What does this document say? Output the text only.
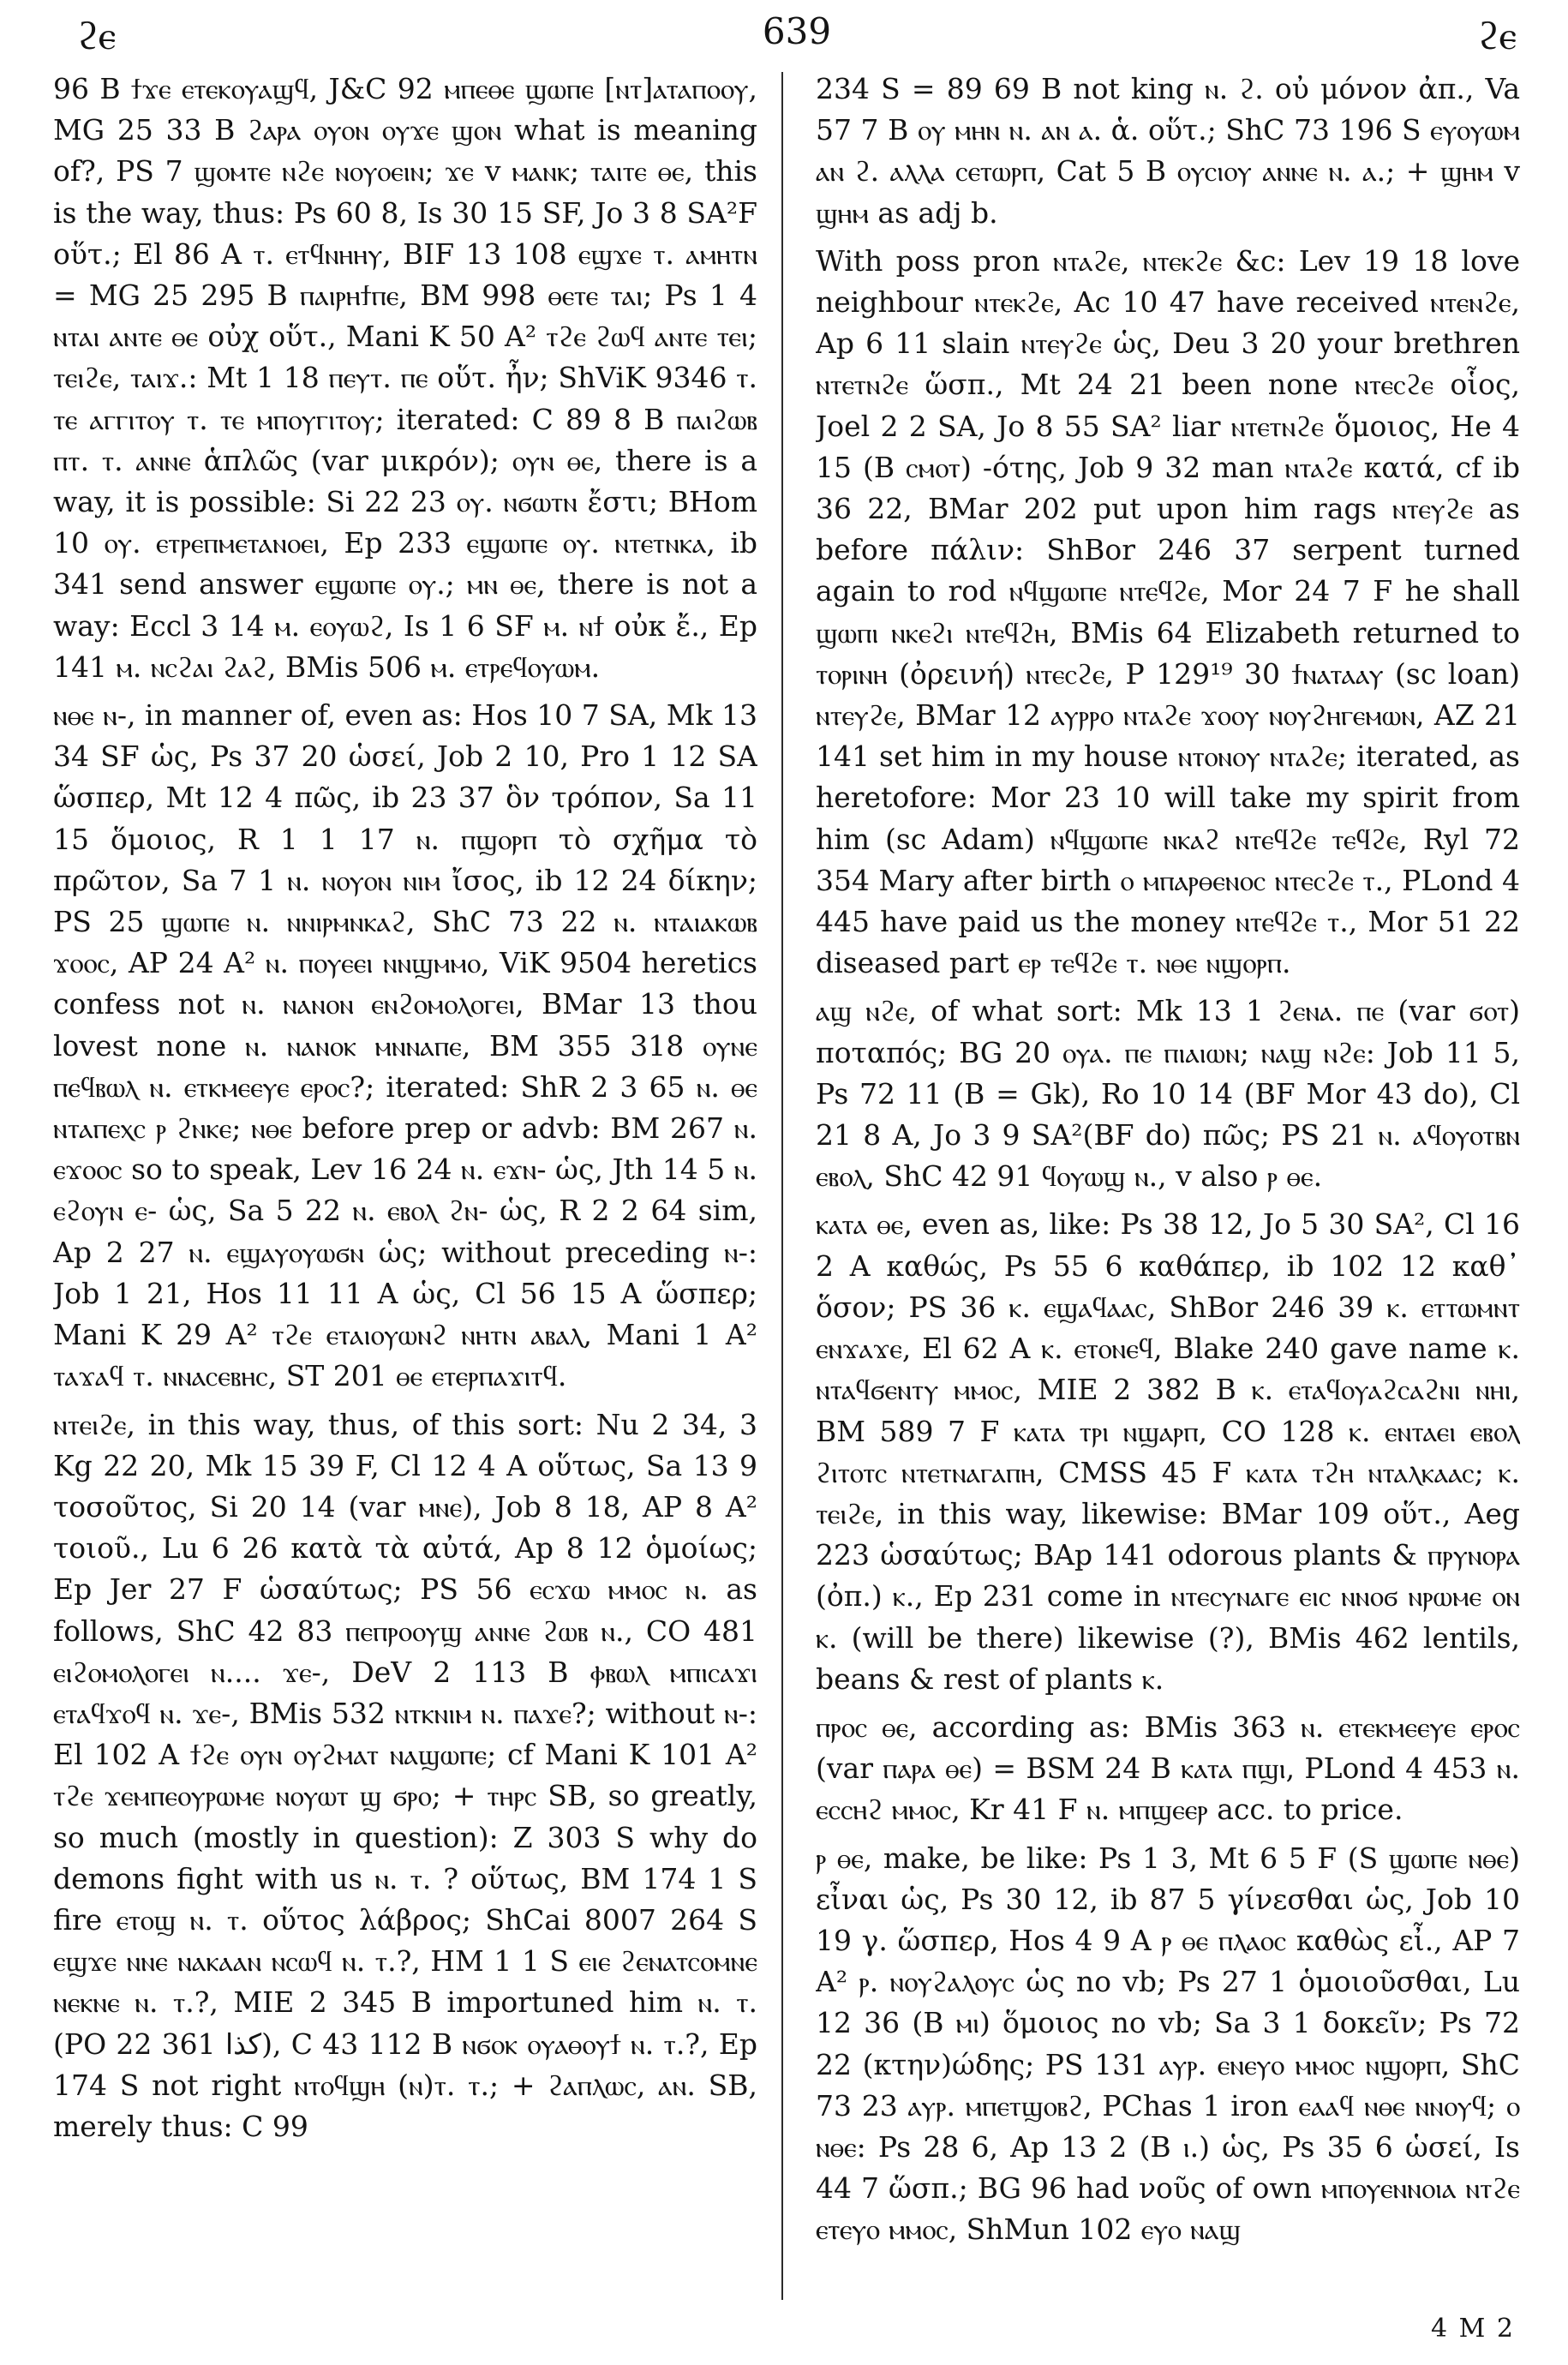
ϩⲉ	639	ϩⲉ

96 B ϯϫⲉ ⲉⲧⲉⲕⲟⲩⲁϣϥ, J&C 92 ⲙⲡⲉⲑⲉ ϣⲱⲡⲉ [ⲛⲧ]ⲁⲧⲁⲡⲟⲟⲩ, MG 25 33 B ϩⲁⲣⲁ ⲟⲩⲟⲛ ⲟⲩϫⲉ ϣⲟⲛ what is meaning of?, PS 7 ϣⲟⲙⲧⲉ ⲛϩⲉ ⲛⲟⲩⲟⲉⲓⲛ; ϫⲉ v ⲙⲁⲛⲕ; ⲧⲁⲓⲧⲉ ⲑⲉ, this is the way, thus: Ps 60 8, Is 30 15 SF, Jo 3 8 SA²F οὕτ.; El 86 A ⲧ. ⲉⲧϥⲛⲏⲏⲩ, BIF 13 108 ⲉϣϫⲉ ⲧ. ⲁⲙⲏⲧⲛ = MG 25 295 B ⲡⲁⲓⲣⲏϯⲡⲉ, BM 998 ⲑⲉⲧⲉ ⲧⲁⲓ; Ps 1 4 ⲛⲧⲁⲓ ⲁⲛⲧⲉ ⲑⲉ οὐχ οὕτ., Mani K 50 A² ⲧϩⲉ ϩⲱϥ ⲁⲛⲧⲉ ⲧⲉⲓ; ⲧⲉⲓϩⲉ, ⲧⲁⲓϫ.: Mt 1 18 ⲡⲉⲩⲧ. ⲡⲉ οὕτ. ἦν; ShViK 9346 ⲧ. ⲧⲉ ⲁⲅⲅⲓⲧⲟⲩ ⲧ. ⲧⲉ ⲙⲡⲟⲩⲅⲓⲧⲟⲩ; iterated: C 89 8 B ⲡⲁⲓϩⲱⲃ ⲡⲧ. ⲧ. ⲁⲛⲛⲉ ἁπλῶς (var μικρόν); ⲟⲩⲛ ⲑⲉ, there is a way, it is possible: Si 22 23 ⲟⲩ. ⲛϭⲱⲧⲛ ἔστι; BHom 10 ⲟⲩ. ⲉⲧⲣⲉⲡⲙⲉⲧⲁⲛⲟⲉⲓ, Ep 233 ⲉϣⲱⲡⲉ ⲟⲩ. ⲛⲧⲉⲧⲛⲕⲁ, ib 341 send answer ⲉϣⲱⲡⲉ ⲟⲩ.; ⲙⲛ ⲑⲉ, there is not a way: Eccl 3 14 ⲙ. ⲉⲟⲩⲱϩ, Is 1 6 SF ⲙ. ⲛϯ οὐκ ἔ., Ep 141 ⲙ. ⲛⲥϩⲁⲓ ϩⲁϩ, BMis 506 ⲙ. ⲉⲧⲣⲉϥⲟⲩⲱⲙ.

ⲛⲑⲉ ⲛ-, in manner of, even as: Hos 10 7 SA, Mk 13 34 SF ὡς, Ps 37 20 ὡσεί, Job 2 10, Pro 1 12 SA ὥσπερ, Mt 12 4 πῶς, ib 23 37 ὃν τρόπον, Sa 11 15 ὅμοιος, R 1 1 17 ⲛ. ⲡϣⲟⲣⲡ τὸ σχῆμα τὸ πρῶτον, Sa 7 1 ⲛ. ⲛⲟⲩⲟⲛ ⲛⲓⲙ ἴσος, ib 12 24 δίκην; PS 25 ϣⲱⲡⲉ ⲛ. ⲛⲛⲓⲣⲙⲛⲕⲁϩ, ShC 73 22 ⲛ. ⲛⲧⲁⲓⲁⲕⲱⲃ ϫⲟⲟⲥ, AP 24 A² ⲛ. ⲡⲟⲩⲉⲉⲓ ⲛⲛϣⲙⲙⲟ, ViK 9504 heretics confess not ⲛ. ⲛⲁⲛⲟⲛ ⲉⲛϩⲟⲙⲟⲗⲟⲅⲉⲓ, BMar 13 thou lovest none ⲛ. ⲛⲁⲛⲟⲕ ⲙⲛⲛⲁⲡⲉ, BM 355 318 ⲟⲩⲛⲉ ⲡⲉϥⲃⲱⲗ ⲛ. ⲉⲧⲕⲙⲉⲉⲩⲉ ⲉⲣⲟⲥ?; iterated: ShR 2 3 65 ⲛ. ⲑⲉ ⲛⲧⲁⲡⲉⲭⲥ ⲣ ϩⲛⲕⲉ; ⲛⲑⲉ before prep or advb: BM 267 ⲛ. ⲉϫⲟⲟⲥ so to speak, Lev 16 24 ⲛ. ⲉϫⲛ- ὡς, Jth 14 5 ⲛ. ⲉϩⲟⲩⲛ ⲉ- ὡς, Sa 5 22 ⲛ. ⲉⲃⲟⲗ ϩⲛ- ὡς, R 2 2 64 sim, Ap 2 27 ⲛ. ⲉϣⲁⲩⲟⲩⲱϭⲛ ὡς; without preceding ⲛ-: Job 1 21, Hos 11 11 A ὡς, Cl 56 15 A ὥσπερ; Mani K 29 A² ⲧϩⲉ ⲉⲧⲁⲓⲟⲩⲱⲛϩ ⲛⲏⲧⲛ ⲁⲃⲁⲗ, Mani 1 A² ⲧⲁϫⲁϥ ⲧ. ⲛⲛⲁⲥⲉⲃⲏⲥ, ST 201 ⲑⲉ ⲉⲧⲉⲣⲡⲁϫⲓⲧϥ.

ⲛⲧⲉⲓϩⲉ, in this way, thus, of this sort: Nu 2 34, 3 Kg 22 20, Mk 15 39 F, Cl 12 4 A οὕτως, Sa 13 9 τοσοῦτος, Si 20 14 (var ⲙⲛⲉ), Job 8 18, AP 8 A² τοιοῦ., Lu 6 26 κατὰ τὰ αὐτά, Ap 8 12 ὁμοίως; Ep Jer 27 F ὡσαύτως; PS 56 ⲉⲥϫⲱ ⲙⲙⲟⲥ ⲛ. as follows, ShC 42 83 ⲡⲉⲡⲣⲟⲟⲩϣ ⲁⲛⲛⲉ ϩⲱⲃ ⲛ., CO 481 ⲉⲓϩⲟⲙⲟⲗⲟⲅⲉⲓ ⲛ.... ϫⲉ-, DeV 2 113 B ⲫⲃⲱⲗ ⲙⲡⲓⲥⲁϫⲓ ⲉⲧⲁϥϫⲟϥ ⲛ. ϫⲉ-, BMis 532 ⲛⲧⲕⲛⲓⲙ ⲛ. ⲡⲁϫⲉ?; without ⲛ-: El 102 A ϯϩⲉ ⲟⲩⲛ ⲟⲩϩⲙⲁⲧ ⲛⲁϣⲱⲡⲉ; cf Mani K 101 A² ⲧϩⲉ ϫⲉⲙⲡⲉⲟⲩⲣⲱⲙⲉ ⲛⲟⲩⲱⲧ ϣ ϭⲣⲟ; + ⲧⲏⲣⲥ SB, so greatly, so much (mostly in question): Z 303 S why do demons fight with us ⲛ. ⲧ. ? οὕτως, BM 174 1 S fire ⲉⲧⲟϣ ⲛ. ⲧ. οὕτος λάβρος; ShCai 8007 264 S ⲉϣϫⲉ ⲛⲛⲉ ⲛⲁⲕⲁⲁⲛ ⲛⲥⲱϥ ⲛ. ⲧ.?, HM 1 1 S ⲉⲓⲉ ϩⲉⲛⲁⲧⲥⲟⲙⲛⲉ ⲛⲉⲕⲛⲉ ⲛ. ⲧ.?, MIE 2 345 B importuned him ⲛ. ⲧ. (PO 22 361 كذا), C 43 112 B ⲛϭⲟⲕ ⲟⲩⲁⲑⲟⲩϯ ⲛ. ⲧ.?, Ep 174 S not right ⲛⲧⲟϥϣⲏ (ⲛ)ⲧ. ⲧ.; + ϩⲁⲡⲗⲱⲥ, ⲁⲛ. SB, merely thus: C 99

234 S = 89 69 B not king ⲛ. ϩ. οὐ μόνον ἀπ., Va 57 7 B ⲟⲩ ⲙⲏⲛ ⲛ. ⲁⲛ ⲁ. ἁ. οὕτ.; ShC 73 196 S ⲉⲩⲟⲩⲱⲙ ⲁⲛ ϩ. ⲁⲗⲗⲁ ⲥⲉⲧⲱⲣⲡ, Cat 5 B ⲟⲩⲥⲓⲟⲩ ⲁⲛⲛⲉ ⲛ. ⲁ.; + ϣⲏⲙ v ϣⲏⲙ as adj b.

With poss pron ⲛⲧⲁϩⲉ, ⲛⲧⲉⲕϩⲉ &c: Lev 19 18 love neighbour ⲛⲧⲉⲕϩⲉ, Ac 10 47 have received ⲛⲧⲉⲛϩⲉ, Ap 6 11 slain ⲛⲧⲉⲩϩⲉ ὡς, Deu 3 20 your brethren ⲛⲧⲉⲧⲛϩⲉ ὥσπ., Mt 24 21 been none ⲛⲧⲉⲥϩⲉ οἷος, Joel 2 2 SA, Jo 8 55 SA² liar ⲛⲧⲉⲧⲛϩⲉ ὅμοιος, He 4 15 (B ⲥⲙⲟⲧ) -ότης, Job 9 32 man ⲛⲧⲁϩⲉ κατά, cf ib 36 22, BMar 202 put upon him rags ⲛⲧⲉⲩϩⲉ as before πάλιν: ShBor 246 37 serpent turned again to rod ⲛϥϣⲱⲡⲉ ⲛⲧⲉϥϩⲉ, Mor 24 7 F he shall ϣⲱⲡⲓ ⲛⲕⲉϩⲓ ⲛⲧⲉϥϩⲏ, BMis 64 Elizabeth returned to ⲧⲟⲣⲓⲛⲏ (ὀρεινή) ⲛⲧⲉⲥϩⲉ, P 129¹⁹ 30 ϯⲛⲁⲧⲁⲁⲩ (sc loan) ⲛⲧⲉⲩϩⲉ, BMar 12 ⲁⲩⲣⲣⲟ ⲛⲧⲁϩⲉ ϫⲟⲟⲩ ⲛⲟⲩϩⲏⲅⲉⲙⲱⲛ, AZ 21 141 set him in my house ⲛⲧⲟⲛⲟⲩ ⲛⲧⲁϩⲉ; iterated, as heretofore: Mor 23 10 will take my spirit from him (sc Adam) ⲛϥϣⲱⲡⲉ ⲛⲕⲁϩ ⲛⲧⲉϥϩⲉ ⲧⲉϥϩⲉ, Ryl 72 354 Mary after birth ⲟ ⲙⲡⲁⲣⲑⲉⲛⲟⲥ ⲛⲧⲉⲥϩⲉ ⲧ., PLond 4 445 have paid us the money ⲛⲧⲉϥϩⲉ ⲧ., Mor 51 22 diseased part ⲉⲣ ⲧⲉϥϩⲉ ⲧ. ⲛⲑⲉ ⲛϣⲟⲣⲡ.

ⲁϣ ⲛϩⲉ, of what sort: Mk 13 1 ϩⲉⲛⲁ. ⲡⲉ (var ϭⲟⲧ) ποταπός; BG 20 ⲟⲩⲁ. ⲡⲉ ⲡⲓⲁⲓⲱⲛ; ⲛⲁϣ ⲛϩⲉ: Job 11 5, Ps 72 11 (B = Gk), Ro 10 14 (BF Mor 43 do), Cl 21 8 A, Jo 3 9 SA²(BF do) πῶς; PS 21 ⲛ. ⲁϥⲟⲩⲟⲧⲃⲛ ⲉⲃⲟⲗ, ShC 42 91 ϥⲟⲩⲱϣ ⲛ., v also ⲣ ⲑⲉ.

ⲕⲁⲧⲁ ⲑⲉ, even as, like: Ps 38 12, Jo 5 30 SA², Cl 16 2 A καθώς, Ps 55 6 καθάπερ, ib 102 12 καθ᾽ ὅσον; PS 36 ⲕ. ⲉϣⲁϥⲁⲁⲥ, ShBor 246 39 ⲕ. ⲉⲧⲧⲱⲙⲛⲧ ⲉⲛϫⲁϫⲉ, El 62 A ⲕ. ⲉⲧⲟⲛⲉϥ, Blake 240 gave name ⲕ. ⲛⲧⲁϥϭⲉⲛⲧⲩ ⲙⲙⲟⲥ, MIE 2 382 B ⲕ. ⲉⲧⲁϥⲟⲩⲁϩⲥⲁϩⲛⲓ ⲛⲏⲓ, BM 589 7 F ⲕⲁⲧⲁ ⲧⲣⲓ ⲛϣⲁⲣⲡ, CO 128 ⲕ. ⲉⲛⲧⲁⲉⲓ ⲉⲃⲟⲗ ϩⲓⲧⲟⲧⲥ ⲛⲧⲉⲧⲛⲁⲅⲁⲡⲏ, CMSS 45 F ⲕⲁⲧⲁ ⲧϩⲏ ⲛⲧⲁⲗⲕⲁⲁⲥ; ⲕ. ⲧⲉⲓϩⲉ, in this way, likewise: BMar 109 οὕτ., Aeg 223 ὡσαύτως; BAp 141 odorous plants & ⲡⲣⲩⲛⲟⲣⲁ (ὀπ.) ⲕ., Ep 231 come in ⲛⲧⲉⲥⲩⲛⲁⲅⲉ ⲉⲓⲥ ⲛⲛⲟϭ ⲛⲣⲱⲙⲉ ⲟⲛ ⲕ. (will be there) likewise (?), BMis 462 lentils, beans & rest of plants ⲕ.

ⲡⲣⲟⲥ ⲑⲉ, according as: BMis 363 ⲛ. ⲉⲧⲉⲕⲙⲉⲉⲩⲉ ⲉⲣⲟⲥ (var ⲡⲁⲣⲁ ⲑⲉ) = BSM 24 B ⲕⲁⲧⲁ ⲡϣⲓ, PLond 4 453 ⲛ. ⲉⲥⲥⲏϩ ⲙⲙⲟⲥ, Kr 41 F ⲛ. ⲙⲡϣⲉⲉⲣ acc. to price.

ⲣ ⲑⲉ, make, be like: Ps 1 3, Mt 6 5 F (S ϣⲱⲡⲉ ⲛⲑⲉ) εἶναι ὡς, Ps 30 12, ib 87 5 γίνεσθαι ὡς, Job 10 19 γ. ὥσπερ, Hos 4 9 A ⲣ ⲑⲉ ⲡⲗⲁⲟⲥ καθὼς εἶ., AP 7 A² ⲣ. ⲛⲟⲩϩⲁⲗⲟⲩⲥ ὡς no vb; Ps 27 1 ὁμοιοῦσθαι, Lu 12 36 (B ⲙⲓ) ὅμοιος no vb; Sa 3 1 δοκεῖν; Ps 72 22 (κτην)ώδης; PS 131 ⲁⲩⲣ. ⲉⲛⲉⲩⲟ ⲙⲙⲟⲥ ⲛϣⲟⲣⲡ, ShC 73 23 ⲁⲩⲣ. ⲙⲡⲉⲧϣⲟⲃϩ, PChas 1 iron ⲉⲁⲁϥ ⲛⲑⲉ ⲛⲛⲟⲩϥ; ⲟ ⲛⲑⲉ: Ps 28 6, Ap 13 2 (B ⲓ.) ὡς, Ps 35 6 ὡσεί, Is 44 7 ὥσπ.; BG 96 had νοῦς of own ⲙⲡⲟⲩⲉⲛⲛⲟⲓⲁ ⲛⲧϩⲉ ⲉⲧⲉⲩⲟ ⲙⲙⲟⲥ, ShMun 102 ⲉⲩⲟ ⲛⲁϣ

4 M 2
